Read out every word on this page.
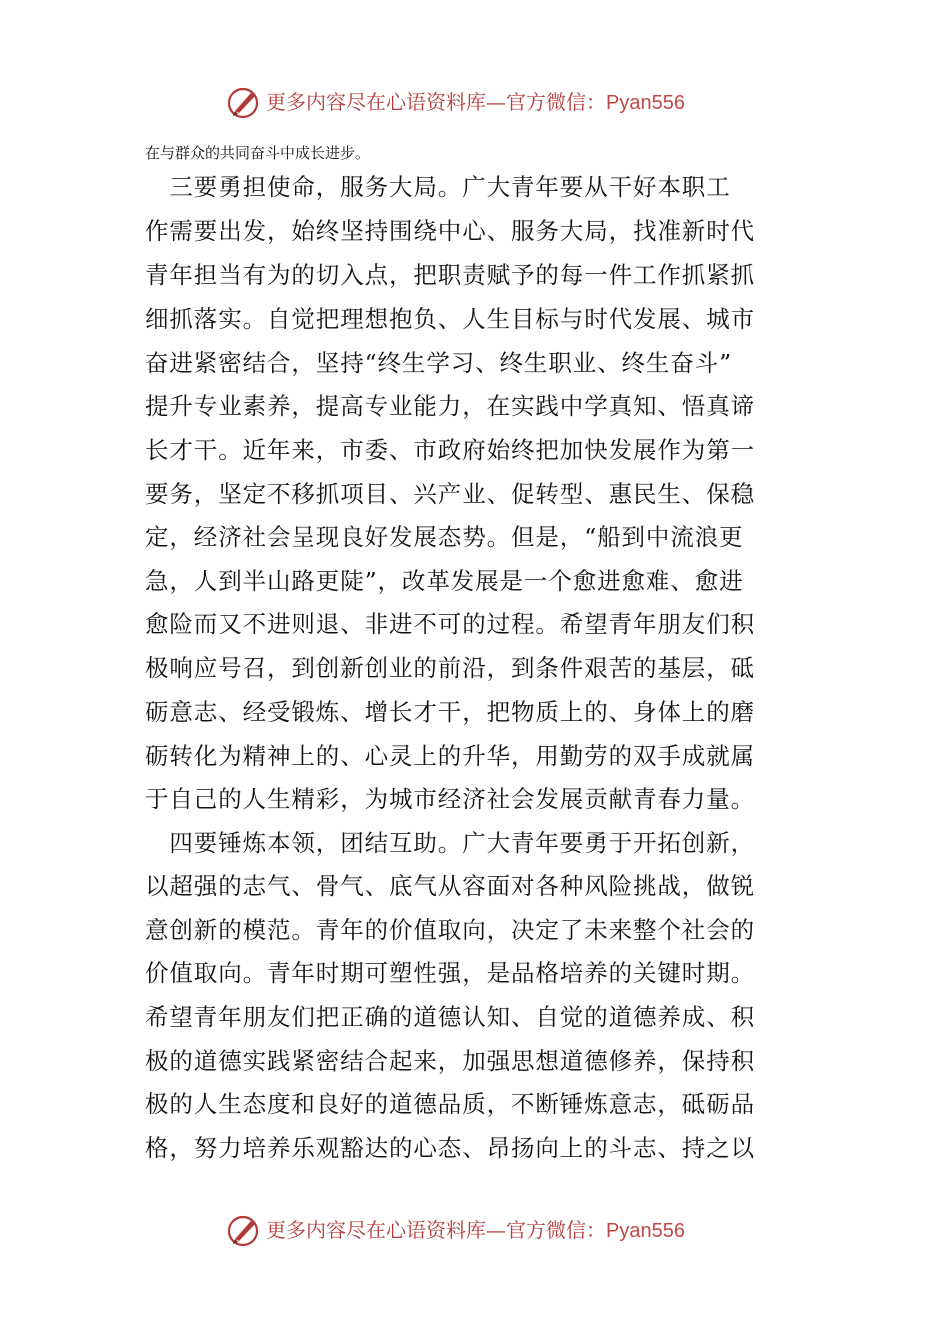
更多内容尽在心语资料库—官方微信：Pyan556
在与群众的共同奋斗中成长进步。
　三要勇担使命，服务大局。广大青年要从干好本职工
作需要出发，始终坚持围绕中心、服务大局，找准新时代
青年担当有为的切入点，把职责赋予的每一件工作抓紧抓
细抓落实。自觉把理想抱负、人生目标与时代发展、城市
奋进紧密结合，坚持“终生学习、终生职业、终生奋斗”
提升专业素养，提高专业能力，在实践中学真知、悟真谛
长才干。近年来，市委、市政府始终把加快发展作为第一
要务，坚定不移抓项目、兴产业、促转型、惠民生、保稳
定，经济社会呈现良好发展态势。但是，“船到中流浪更
急，人到半山路更陡”，改革发展是一个愈进愈难、愈进
愈险而又不进则退、非进不可的过程。希望青年朋友们积
极响应号召，到创新创业的前沿，到条件艰苦的基层，砥
砺意志、经受锻炼、增长才干，把物质上的、身体上的磨
砺转化为精神上的、心灵上的升华，用勤劳的双手成就属
于自己的人生精彩，为城市经济社会发展贡献青春力量。
　四要锤炼本领，团结互助。广大青年要勇于开拓创新，
以超强的志气、骨气、底气从容面对各种风险挑战，做锐
意创新的模范。青年的价值取向，决定了未来整个社会的
价值取向。青年时期可塑性强，是品格培养的关键时期。
希望青年朋友们把正确的道德认知、自觉的道德养成、积
极的道德实践紧密结合起来，加强思想道德修养，保持积
极的人生态度和良好的道德品质，不断锤炼意志，砥砺品
格，努力培养乐观豁达的心态、昂扬向上的斗志、持之以
更多内容尽在心语资料库—官方微信：Pyan556
